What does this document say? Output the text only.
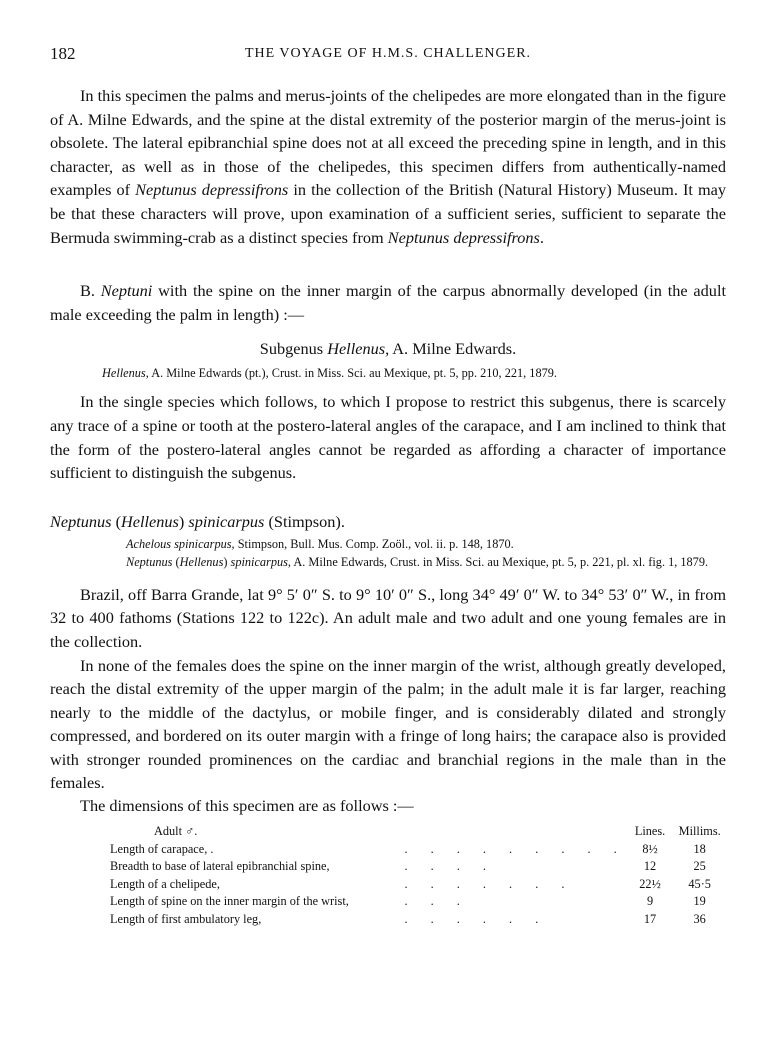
182	THE VOYAGE OF H.M.S. CHALLENGER.

In this specimen the palms and merus-joints of the chelipedes are more elongated than in the figure of A. Milne Edwards, and the spine at the distal extremity of the posterior margin of the merus-joint is obsolete. The lateral epibranchial spine does not at all exceed the preceding spine in length, and in this character, as well as in those of the chelipedes, this specimen differs from authentically-named examples of Neptunus depressifrons in the collection of the British (Natural History) Museum. It may be that these characters will prove, upon examination of a sufficient series, sufficient to separate the Bermuda swimming-crab as a distinct species from Neptunus depressifrons.

B. Neptuni with the spine on the inner margin of the carpus abnormally developed (in the adult male exceeding the palm in length) :—

Subgenus Hellenus, A. Milne Edwards.

Hellenus, A. Milne Edwards (pt.), Crust. in Miss. Sci. au Mexique, pt. 5, pp. 210, 221, 1879.

In the single species which follows, to which I propose to restrict this subgenus, there is scarcely any trace of a spine or tooth at the postero-lateral angles of the carapace, and I am inclined to think that the form of the postero-lateral angles cannot be regarded as affording a character of importance sufficient to distinguish the subgenus.

Neptunus (Hellenus) spinicarpus (Stimpson).

Achelous spinicarpus, Stimpson, Bull. Mus. Comp. Zoöl., vol. ii. p. 148, 1870.

Neptunus (Hellenus) spinicarpus, A. Milne Edwards, Crust. in Miss. Sci. au Mexique, pt. 5, p. 221, pl. xl. fig. 1, 1879.

Brazil, off Barra Grande, lat 9° 5′ 0″ S. to 9° 10′ 0″ S., long 34° 49′ 0″ W. to 34° 53′ 0″ W., in from 32 to 400 fathoms (Stations 122 to 122c). An adult male and two adult and one young females are in the collection.

In none of the females does the spine on the inner margin of the wrist, although greatly developed, reach the distal extremity of the upper margin of the palm; in the adult male it is far larger, reaching nearly to the middle of the dactylus, or mobile finger, and is considerably dilated and strongly compressed, and bordered on its outer margin with a fringe of long hairs; the carapace also is provided with stronger rounded prominences on the cardiac and branchial regions in the male than in the females.

The dimensions of this specimen are as follows :—

Adult ♂.		Lines.	Millims.
Length of carapace, .	. . . . . . . . .	8½	18
Breadth to base of lateral epibranchial spine,	. . . .	12	25
Length of a chelipede,	. . . . . . .	22½	45·5
Length of spine on the inner margin of the wrist,	. . .	9	19
Length of first ambulatory leg,	. . . . . .	17	36
